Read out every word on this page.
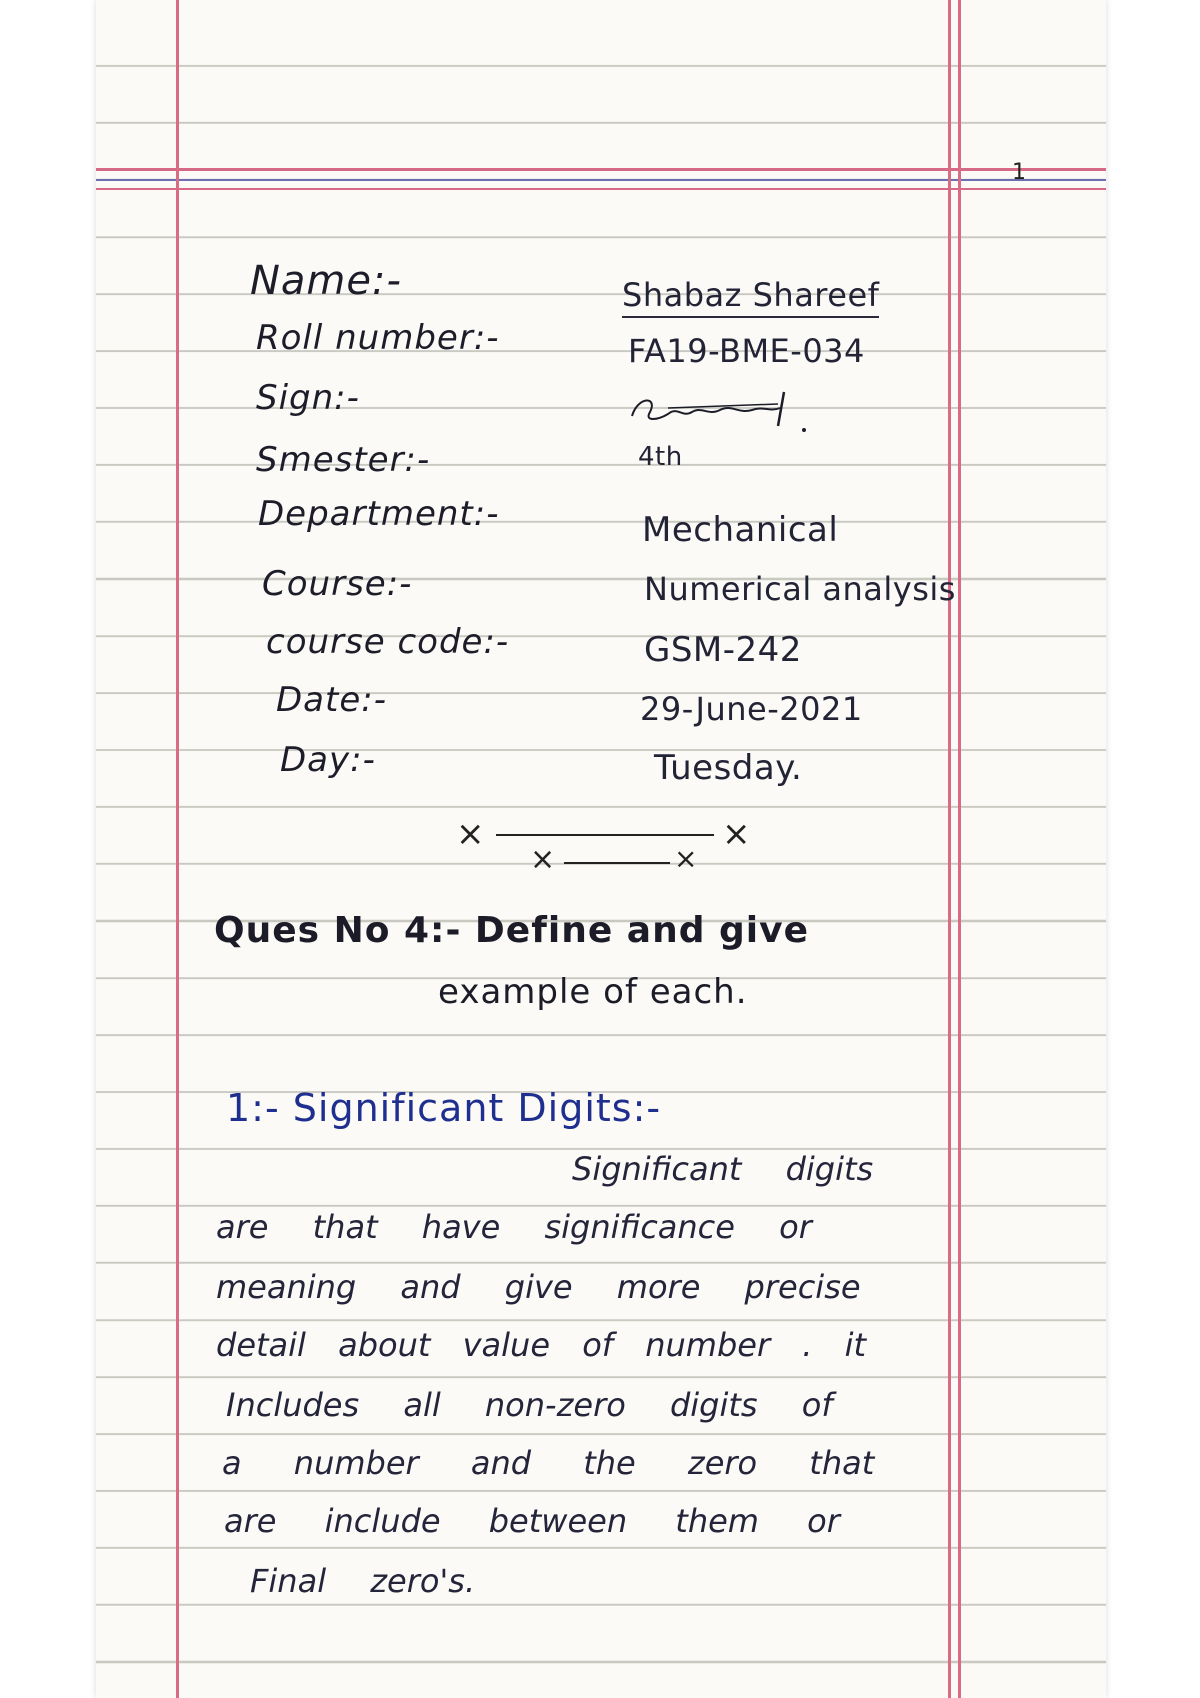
1
Name:-	Shabaz Shareef
Roll number:-	FA19-BME-034
Sign:-
Smester:-	4th
Department:-	Mechanical
Course:-	Numerical analysis
course code:-	GSM-242
Date:-	29-June-2021
Day:-	Tuesday.
×	×
×	×
Ques No 4:- Define and give
example of each.
1:- Significant Digits:-
Significant digits
are that have significance or
meaning and give more precise
detail about value of number . it
Includes all non-zero digits of
a number and the zero that
are include between them or
Final zero's.
